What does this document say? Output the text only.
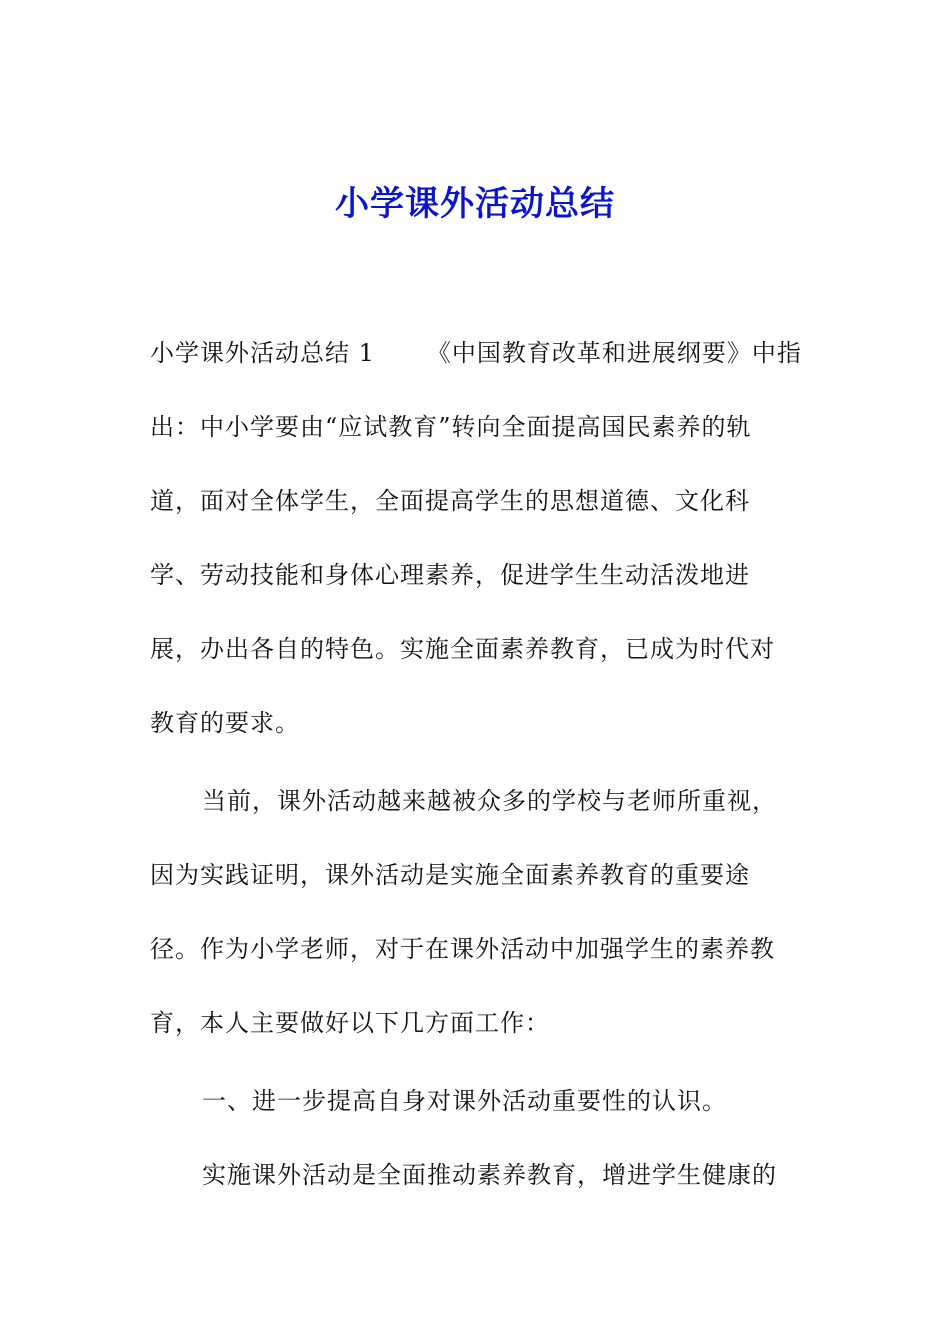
小学课外活动总结
小学课外活动总结 1 《中国教育改革和进展纲要》中指
出：中小学要由“应试教育”转向全面提高国民素养的轨
道，面对全体学生，全面提高学生的思想道德、文化科
学、劳动技能和身体心理素养，促进学生生动活泼地进
展，办出各自的特色。实施全面素养教育，已成为时代对
教育的要求。
当前，课外活动越来越被众多的学校与老师所重视，
因为实践证明，课外活动是实施全面素养教育的重要途
径。作为小学老师，对于在课外活动中加强学生的素养教
育，本人主要做好以下几方面工作：
一、进一步提高自身对课外活动重要性的认识。
实施课外活动是全面推动素养教育，增进学生健康的
